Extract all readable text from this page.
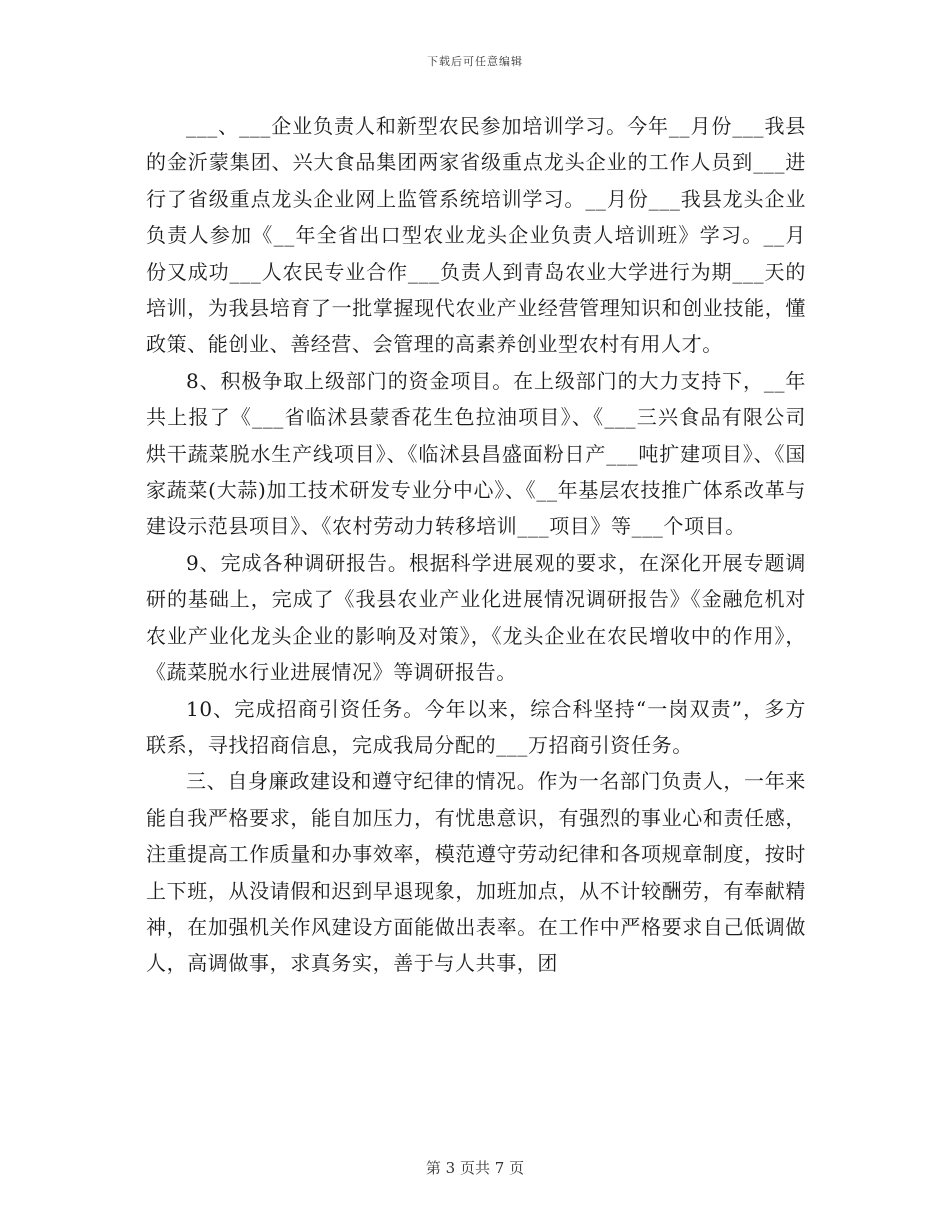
下载后可任意编辑

___、___企业负责人和新型农民参加培训学习。今年__月份___我县的金沂蒙集团、兴大食品集团两家省级重点龙头企业的工作人员到___进行了省级重点龙头企业网上监管系统培训学习。__月份___我县龙头企业负责人参加《__年全省出口型农业龙头企业负责人培训班》学习。__月份又成功___人农民专业合作___负责人到青岛农业大学进行为期___天的培训，为我县培育了一批掌握现代农业产业经营管理知识和创业技能，懂政策、能创业、善经营、会管理的高素养创业型农村有用人才。

8、积极争取上级部门的资金项目。在上级部门的大力支持下，__年共上报了《___省临沭县蒙香花生色拉油项目》、《___三兴食品有限公司烘干蔬菜脱水生产线项目》、《临沭县昌盛面粉日产___吨扩建项目》、《国家蔬菜(大蒜)加工技术研发专业分中心》、《__年基层农技推广体系改革与建设示范县项目》、《农村劳动力转移培训___项目》等___个项目。

9、完成各种调研报告。根据科学进展观的要求，在深化开展专题调研的基础上，完成了《我县农业产业化进展情况调研报告》《金融危机对农业产业化龙头企业的影响及对策》，《龙头企业在农民增收中的作用》，《蔬菜脱水行业进展情况》等调研报告。

10、完成招商引资任务。今年以来，综合科坚持“一岗双责”，多方联系，寻找招商信息，完成我局分配的___万招商引资任务。

三、自身廉政建设和遵守纪律的情况。作为一名部门负责人，一年来能自我严格要求，能自加压力，有忧患意识，有强烈的事业心和责任感，注重提高工作质量和办事效率，模范遵守劳动纪律和各项规章制度，按时上下班，从没请假和迟到早退现象，加班加点，从不计较酬劳，有奉献精神，在加强机关作风建设方面能做出表率。在工作中严格要求自己低调做人，高调做事，求真务实，善于与人共事，团

第 3 页共 7 页
